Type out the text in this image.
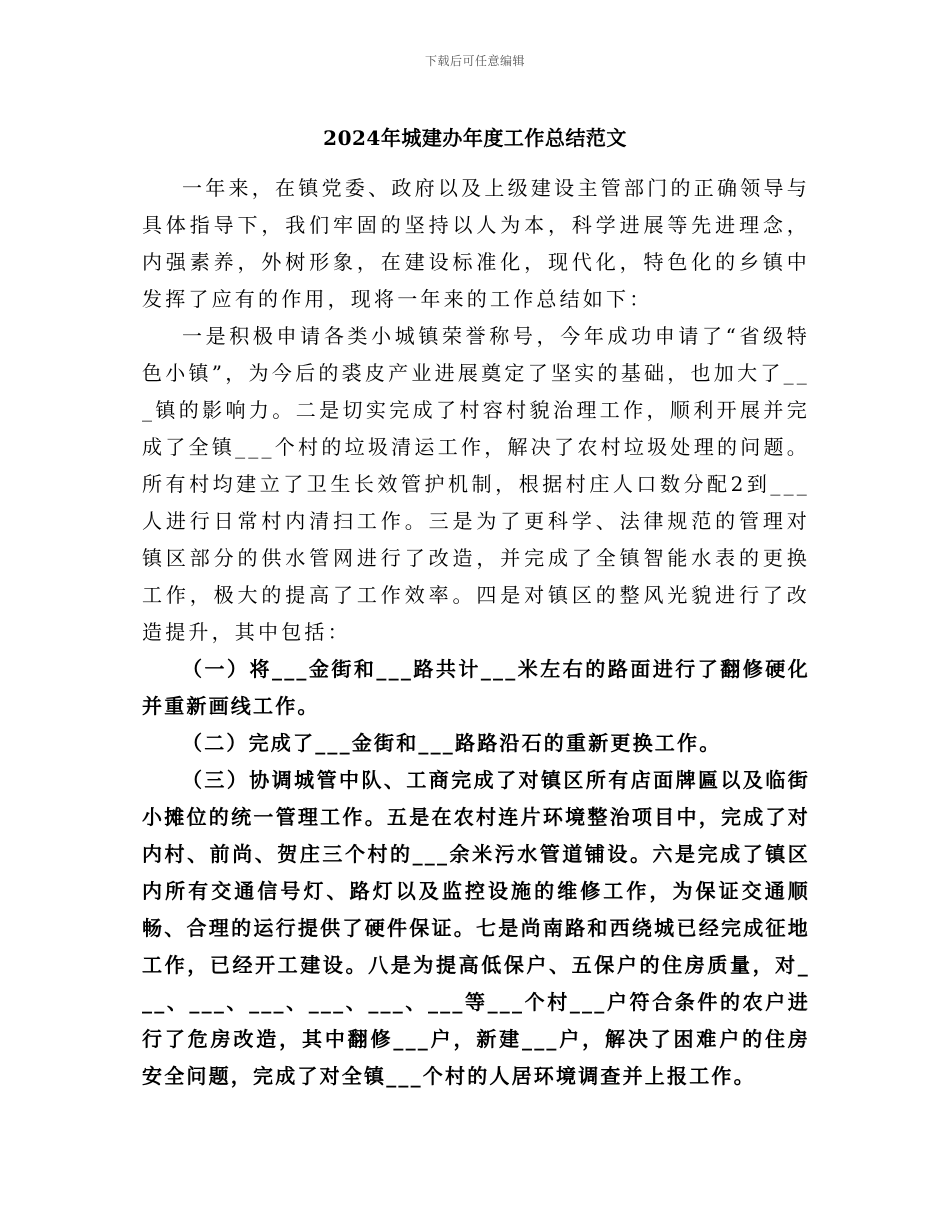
下载后可任意编辑
2024年城建办年度工作总结范文

一年来，在镇党委、政府以及上级建设主管部门的正确领导与具体指导下，我们牢固的坚持以人为本，科学进展等先进理念，内强素养，外树形象，在建设标准化，现代化，特色化的乡镇中发挥了应有的作用，现将一年来的工作总结如下：

一是积极申请各类小城镇荣誉称号，今年成功申请了“省级特色小镇”，为今后的裘皮产业进展奠定了坚实的基础，也加大了___镇的影响力。二是切实完成了村容村貌治理工作，顺利开展并完成了全镇___个村的垃圾清运工作，解决了农村垃圾处理的问题。所有村均建立了卫生长效管护机制，根据村庄人口数分配2到___人进行日常村内清扫工作。三是为了更科学、法律规范的管理对镇区部分的供水管网进行了改造，并完成了全镇智能水表的更换工作，极大的提高了工作效率。四是对镇区的整风光貌进行了改造提升，其中包括：

（一）将___金街和___路共计___米左右的路面进行了翻修硬化并重新画线工作。

（二）完成了___金街和___路路沿石的重新更换工作。

（三）协调城管中队、工商完成了对镇区所有店面牌匾以及临街小摊位的统一管理工作。五是在农村连片环境整治项目中，完成了对内村、前尚、贺庄三个村的___余米污水管道铺设。六是完成了镇区内所有交通信号灯、路灯以及监控设施的维修工作，为保证交通顺畅、合理的运行提供了硬件保证。七是尚南路和西绕城已经完成征地工作，已经开工建设。八是为提高低保户、五保户的住房质量，对___、___、___、___、___、___等___个村___户符合条件的农户进行了危房改造，其中翻修___户，新建___户，解决了困难户的住房安全问题，完成了对全镇___个村的人居环境调查并上报工作。
